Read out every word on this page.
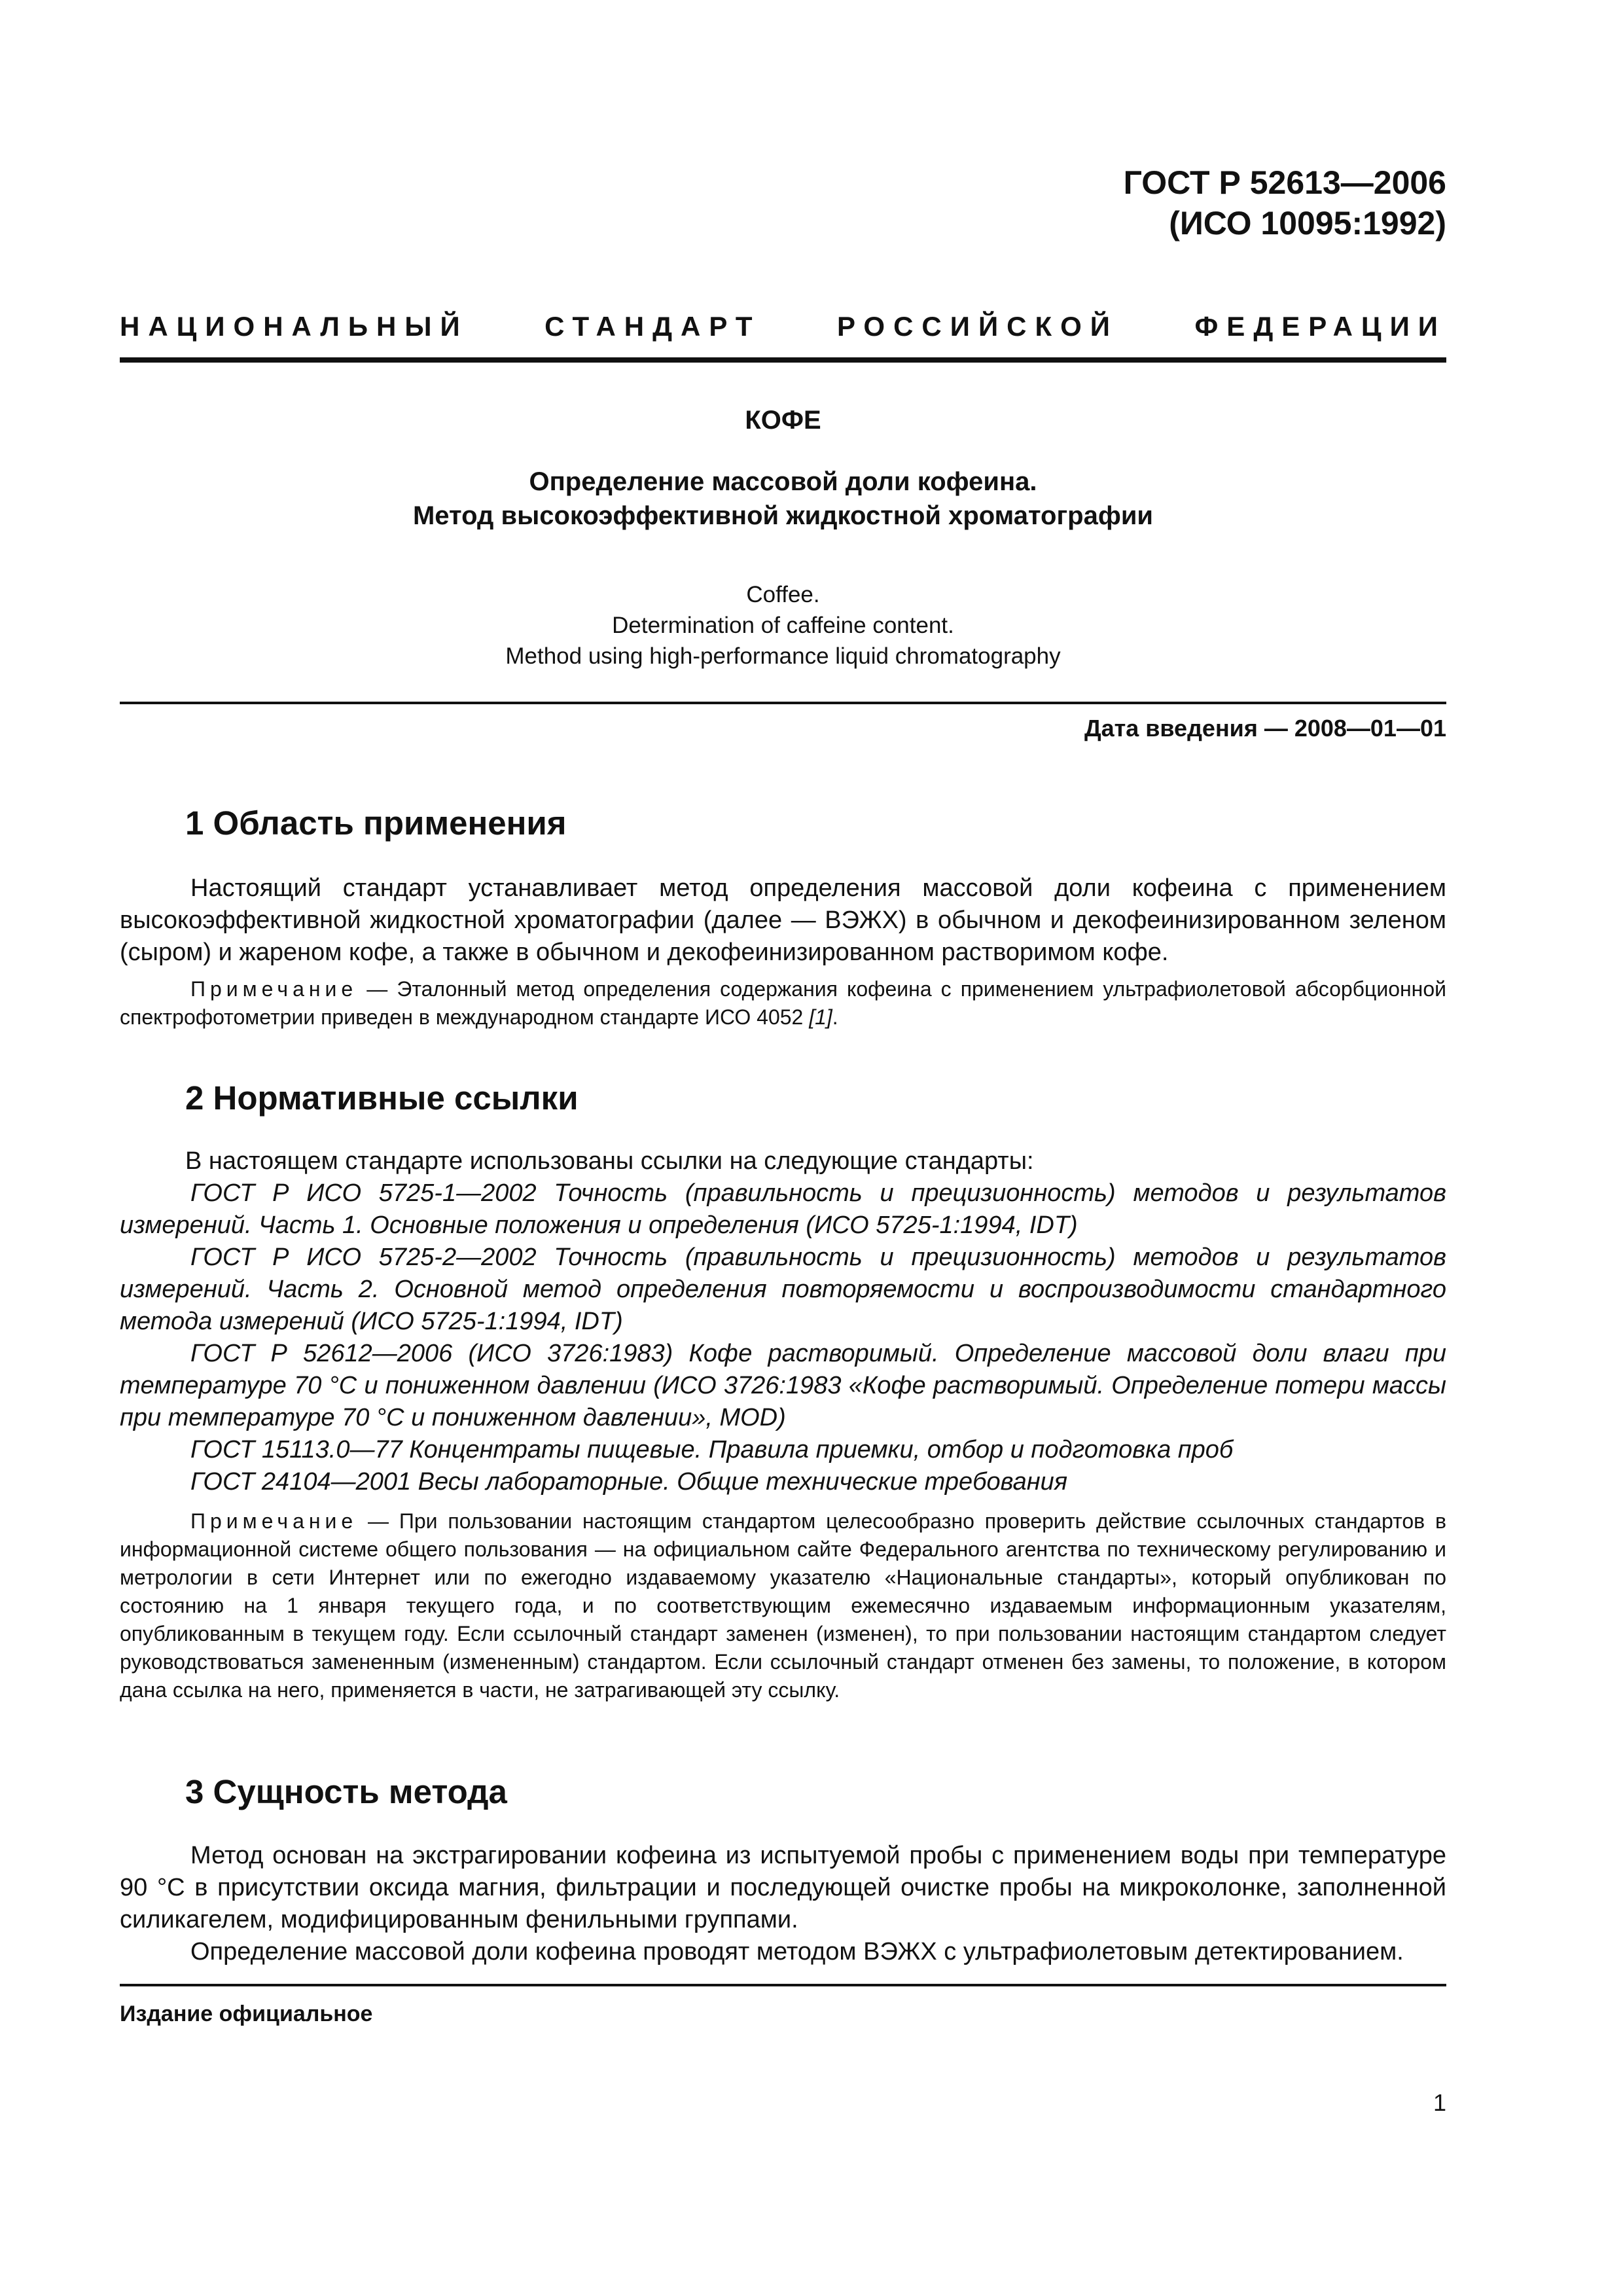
ГОСТ Р 52613—2006
(ИСО 10095:1992)
НАЦИОНАЛЬНЫЙ	СТАНДАРТ	РОССИЙСКОЙ	ФЕДЕРАЦИИ
КОФЕ
Определение массовой доли кофеина.
Метод высокоэффективной жидкостной хроматографии
Coffee.
Determination of caffeine content.
Method using high-performance liquid chromatography
Дата введения — 2008—01—01
1 Область применения

Настоящий стандарт устанавливает метод определения массовой доли кофеина с применением высокоэффективной жидкостной хроматографии (далее — ВЭЖХ) в обычном и декофеинизированном зеленом (сыром) и жареном кофе, а также в обычном и декофеинизированном растворимом кофе.

Примечание — Эталонный метод определения содержания кофеина с применением ультрафиолетовой абсорбционной спектрофотометрии приведен в международном стандарте ИСО 4052 [1].

2 Нормативные ссылки

В настоящем стандарте использованы ссылки на следующие стандарты:

ГОСТ Р ИСО 5725-1—2002 Точность (правильность и прецизионность) методов и результатов измерений. Часть 1. Основные положения и определения (ИСО 5725-1:1994, IDT)

ГОСТ Р ИСО 5725-2—2002 Точность (правильность и прецизионность) методов и результатов измерений. Часть 2. Основной метод определения повторяемости и воспроизводимости стандартного метода измерений (ИСО 5725-1:1994, IDT)

ГОСТ Р 52612—2006 (ИСО 3726:1983) Кофе растворимый. Определение массовой доли влаги при температуре 70 °С и пониженном давлении (ИСО 3726:1983 «Кофе растворимый. Определение потери массы при температуре 70 °С и пониженном давлении», MOD)

ГОСТ 15113.0—77 Концентраты пищевые. Правила приемки, отбор и подготовка проб

ГОСТ 24104—2001 Весы лабораторные. Общие технические требования

Примечание — При пользовании настоящим стандартом целесообразно проверить действие ссылочных стандартов в информационной системе общего пользования — на официальном сайте Федерального агентства по техническому регулированию и метрологии в сети Интернет или по ежегодно издаваемому указателю «Национальные стандарты», который опубликован по состоянию на 1 января текущего года, и по соответствующим ежемесячно издаваемым информационным указателям, опубликованным в текущем году. Если ссылочный стандарт заменен (изменен), то при пользовании настоящим стандартом следует руководствоваться замененным (измененным) стандартом. Если ссылочный стандарт отменен без замены, то положение, в котором дана ссылка на него, применяется в части, не затрагивающей эту ссылку.

3 Сущность метода

Метод основан на экстрагировании кофеина из испытуемой пробы с применением воды при температуре 90 °С в присутствии оксида магния, фильтрации и последующей очистке пробы на микроколонке, заполненной силикагелем, модифицированным фенильными группами.

Определение массовой доли кофеина проводят методом ВЭЖХ с ультрафиолетовым детектированием.

Издание официальное
1
